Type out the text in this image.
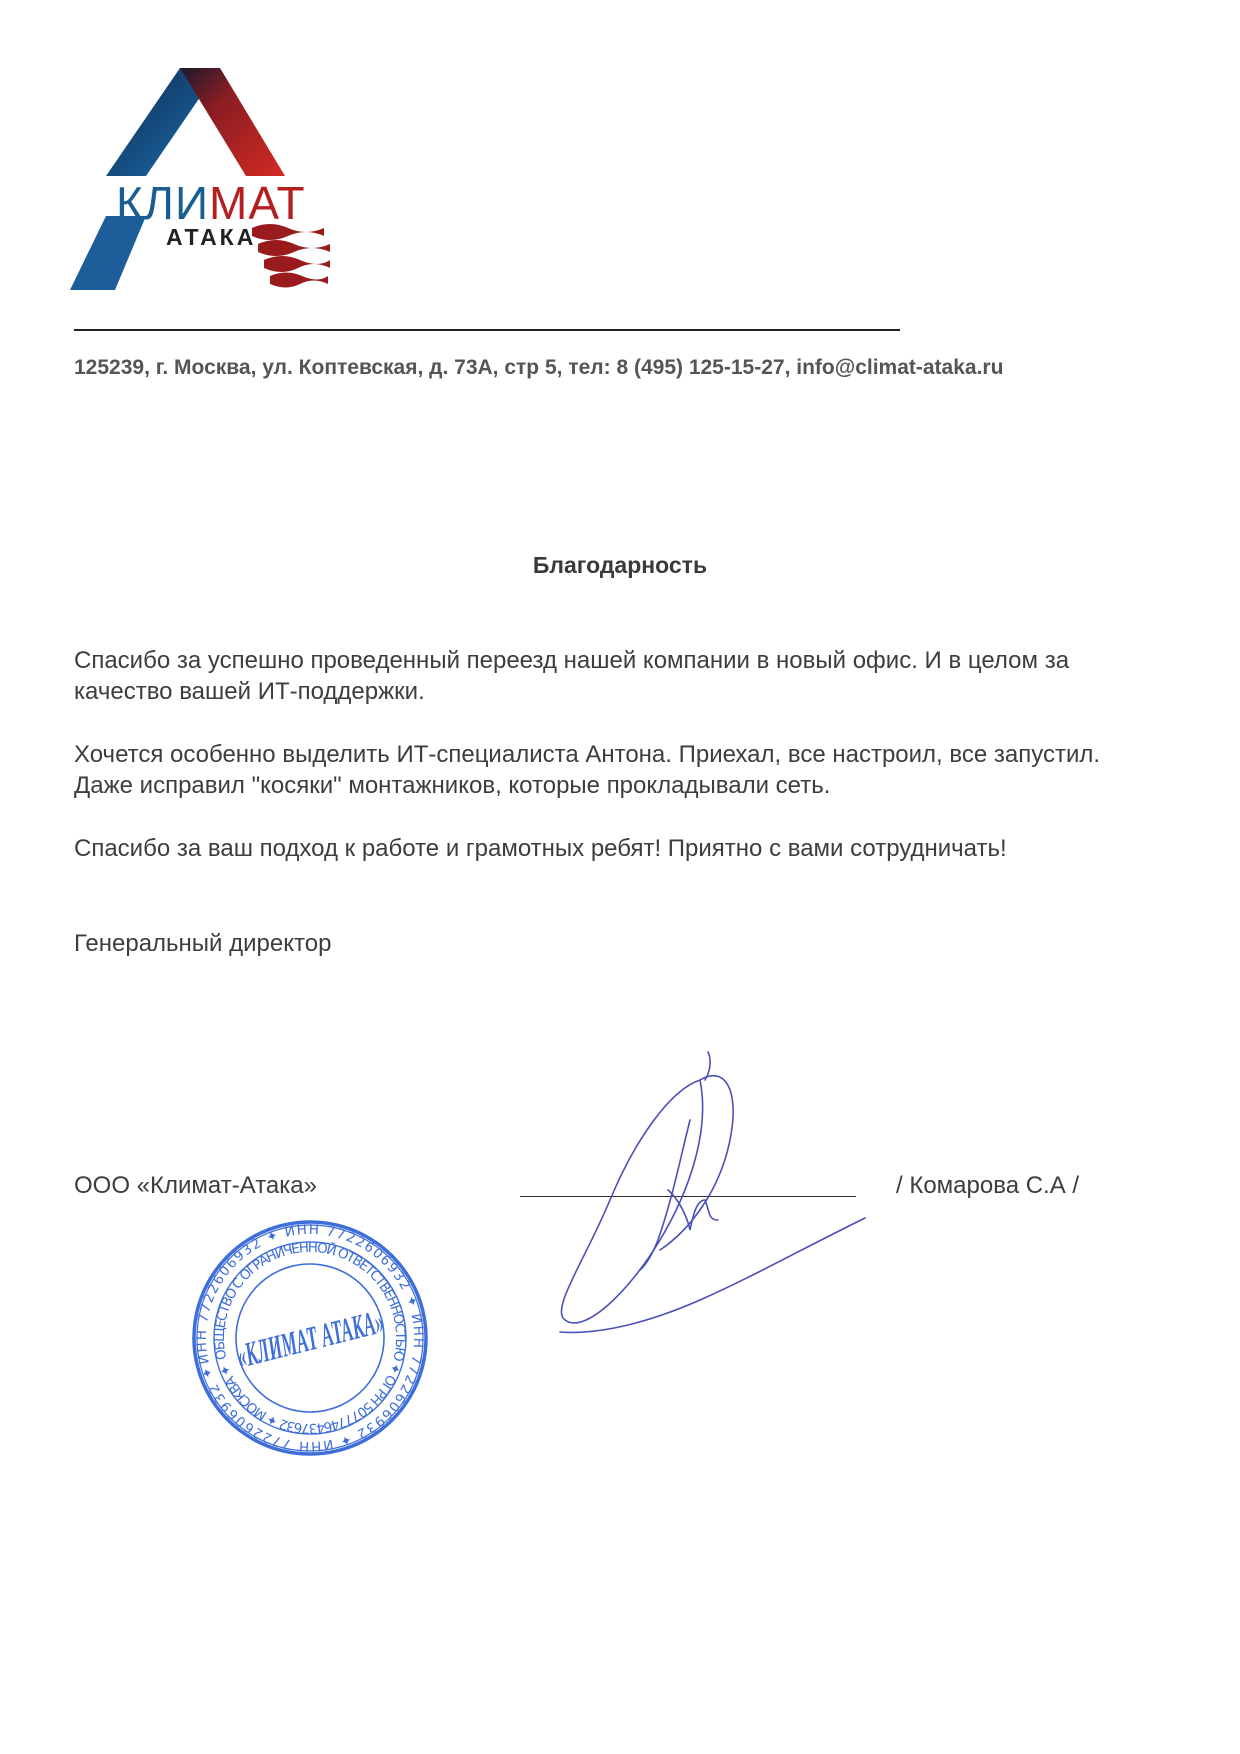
КЛИМАТ
АТАКА
125239, г. Москва, ул. Коптевская, д. 73А, стр 5, тел: 8 (495) 125-15-27, info@climat-ataka.ru
Благодарность
Спасибо за успешно проведенный переезд нашей компании в новый офис. И в целом за
качество вашей ИТ-поддержки.
Хочется особенно выделить ИТ-специалиста Антона. Приехал, все настроил, все запустил.
Даже исправил "косяки" монтажников, которые прокладывали сеть.
Спасибо за ваш подход к работе и грамотных ребят! Приятно с вами сотрудничать!
Генеральный директор
ООО «Климат-Атака»	/ Комарова С.А /
ИНН 7722606932 ✦ ИНН 7722606932 ✦ ИНН 7722606932 ✦ ИНН 7722606932 ✦
ОБЩЕСТВО С ОГРАНИЧЕННОЙ ОТВЕТСТВЕННОСТЬЮ ✦ ОГРН 5077746437632 ✦ МОСКВА ✦
«КЛИМАТ АТАКА»
